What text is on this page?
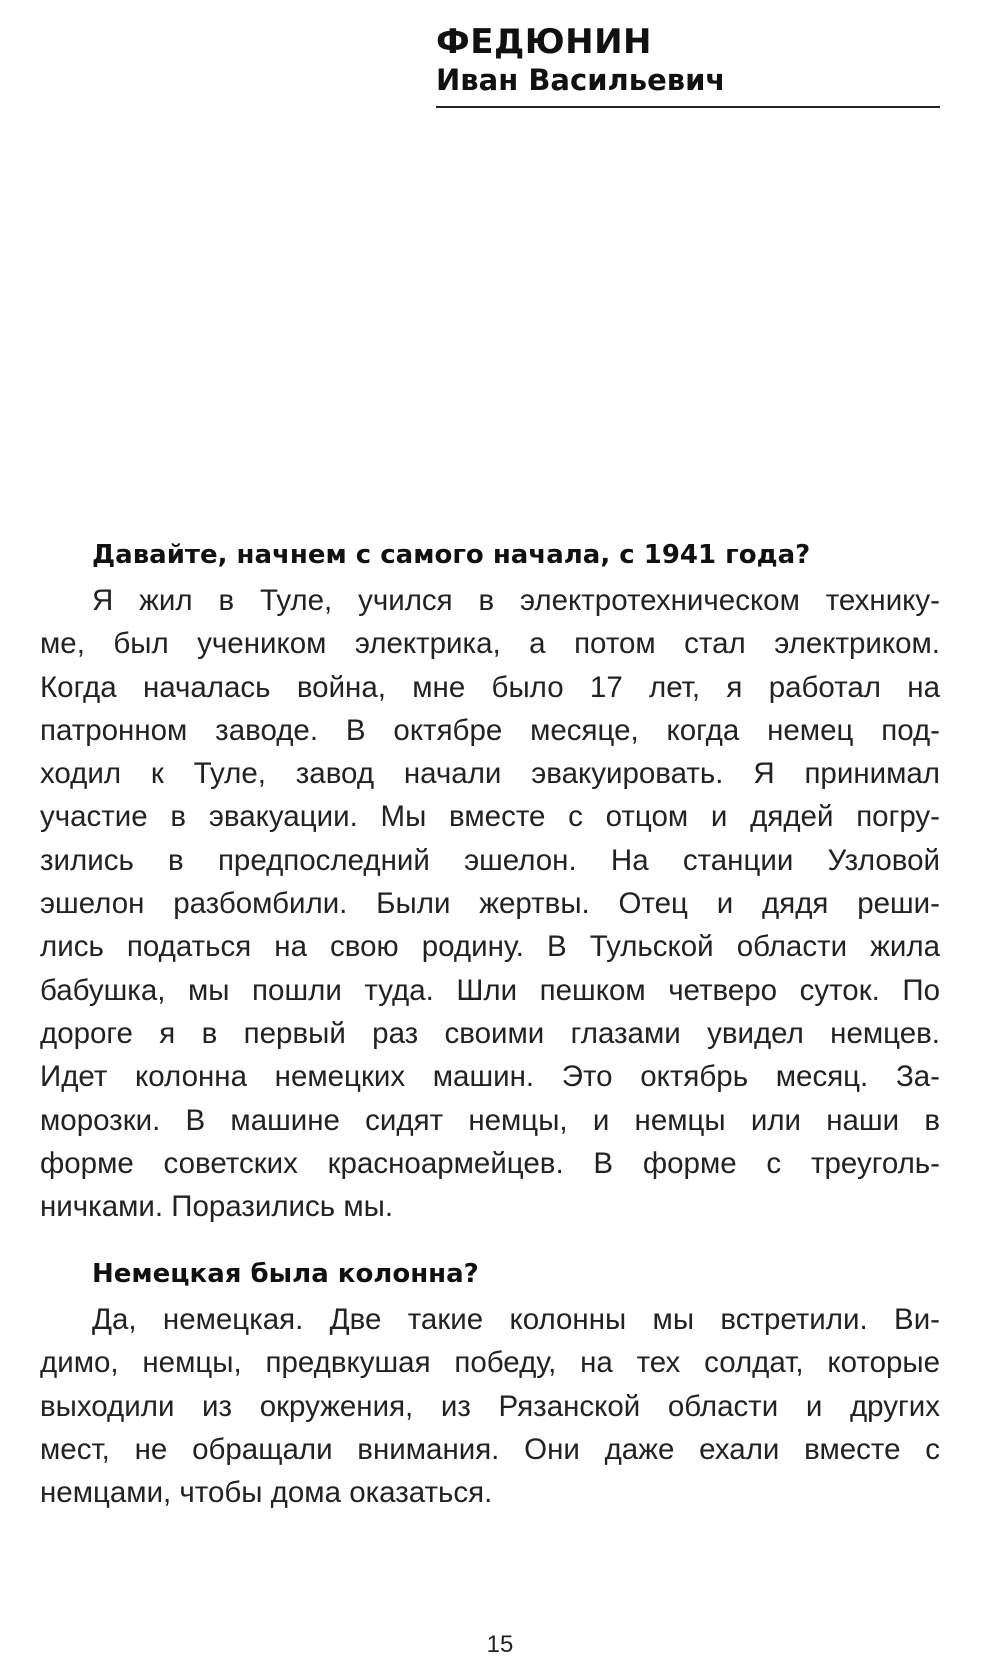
ФЕДЮНИН
Иван Васильевич
Давайте, начнем с самого начала, с 1941 года?
Я жил в Туле, учился в электротехническом технику-
ме, был учеником электрика, а потом стал электриком.
Когда началась война, мне было 17 лет, я работал на
патронном заводе. В октябре месяце, когда немец под-
ходил к Туле, завод начали эвакуировать. Я принимал
участие в эвакуации. Мы вместе с отцом и дядей погру-
зились в предпоследний эшелон. На станции Узловой
эшелон разбомбили. Были жертвы. Отец и дядя реши-
лись податься на свою родину. В Тульской области жила
бабушка, мы пошли туда. Шли пешком четверо суток. По
дороге я в первый раз своими глазами увидел немцев.
Идет колонна немецких машин. Это октябрь месяц. За-
морозки. В машине сидят немцы, и немцы или наши в
форме советских красноармейцев. В форме с треуголь-
ничками. Поразились мы.
Немецкая была колонна?
Да, немецкая. Две такие колонны мы встретили. Ви-
димо, немцы, предвкушая победу, на тех солдат, которые
выходили из окружения, из Рязанской области и других
мест, не обращали внимания. Они даже ехали вместе с
немцами, чтобы дома оказаться.
15
